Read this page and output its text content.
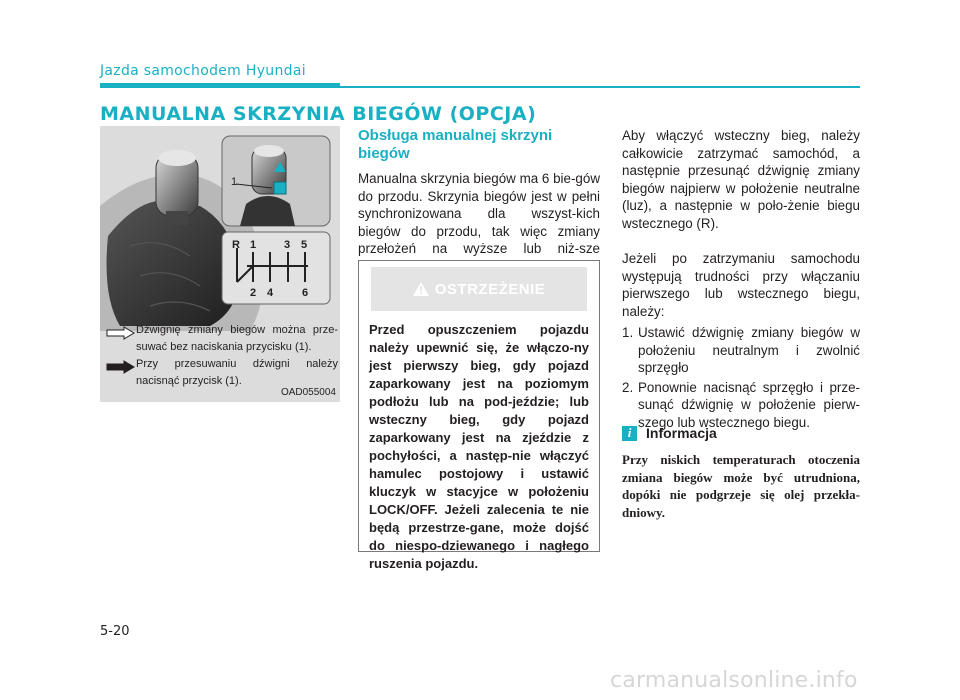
Jazda samochodem Hyundai
MANUALNA SKRZYNIA BIEGÓW (OPCJA)
1
R 1	3 5
2 4	6
Dźwignię zmiany biegów można prze-suwać bez naciskania przycisku (1).
Przy przesuwaniu dźwigni należy nacisnąć przycisk (1).
OAD055004
Obsługa manualnej skrzyni biegów

Manualna skrzynia biegów ma 6 bie-gów do przodu. Skrzynia biegów jest w pełni synchronizowana dla wszyst-kich biegów do przodu, tak więc zmiany przełożeń na wyższe lub niż-sze

OSTRZEŻENIE
Przed opuszczeniem pojazdu należy upewnić się, że włączo-ny jest pierwszy bieg, gdy pojazd zaparkowany jest na poziomym podłożu lub na pod-jeździe; lub wsteczny bieg, gdy pojazd zaparkowany jest na zjeździe z pochyłości, a następ-nie włączyć hamulec postojowy i ustawić kluczyk w stacyjce w położeniu LOCK/OFF. Jeżeli zalecenia te nie będą przestrze-gane, może dojść do niespo-dziewanego i nagłego ruszenia pojazdu.

Aby włączyć wsteczny bieg, należy całkowicie zatrzymać samochód, a następnie przesunąć dźwignię zmiany biegów najpierw w położenie neutralne (luz), a następnie w poło-żenie biegu wstecznego (R).

Jeżeli po zatrzymaniu samochodu występują trudności przy włączaniu pierwszego lub wstecznego biegu, należy:

1. Ustawić dźwignię zmiany biegów w położeniu neutralnym i zwolnić sprzęgło
2. Ponownie nacisnąć sprzęgło i prze-sunąć dźwignię w położenie pierw-szego lub wstecznego biegu.
i	Informacja
Przy niskich temperaturach otoczenia zmiana biegów może być utrudniona, dopóki nie podgrzeje się olej przekła-dniowy.
5-20
carmanualsonline.info
